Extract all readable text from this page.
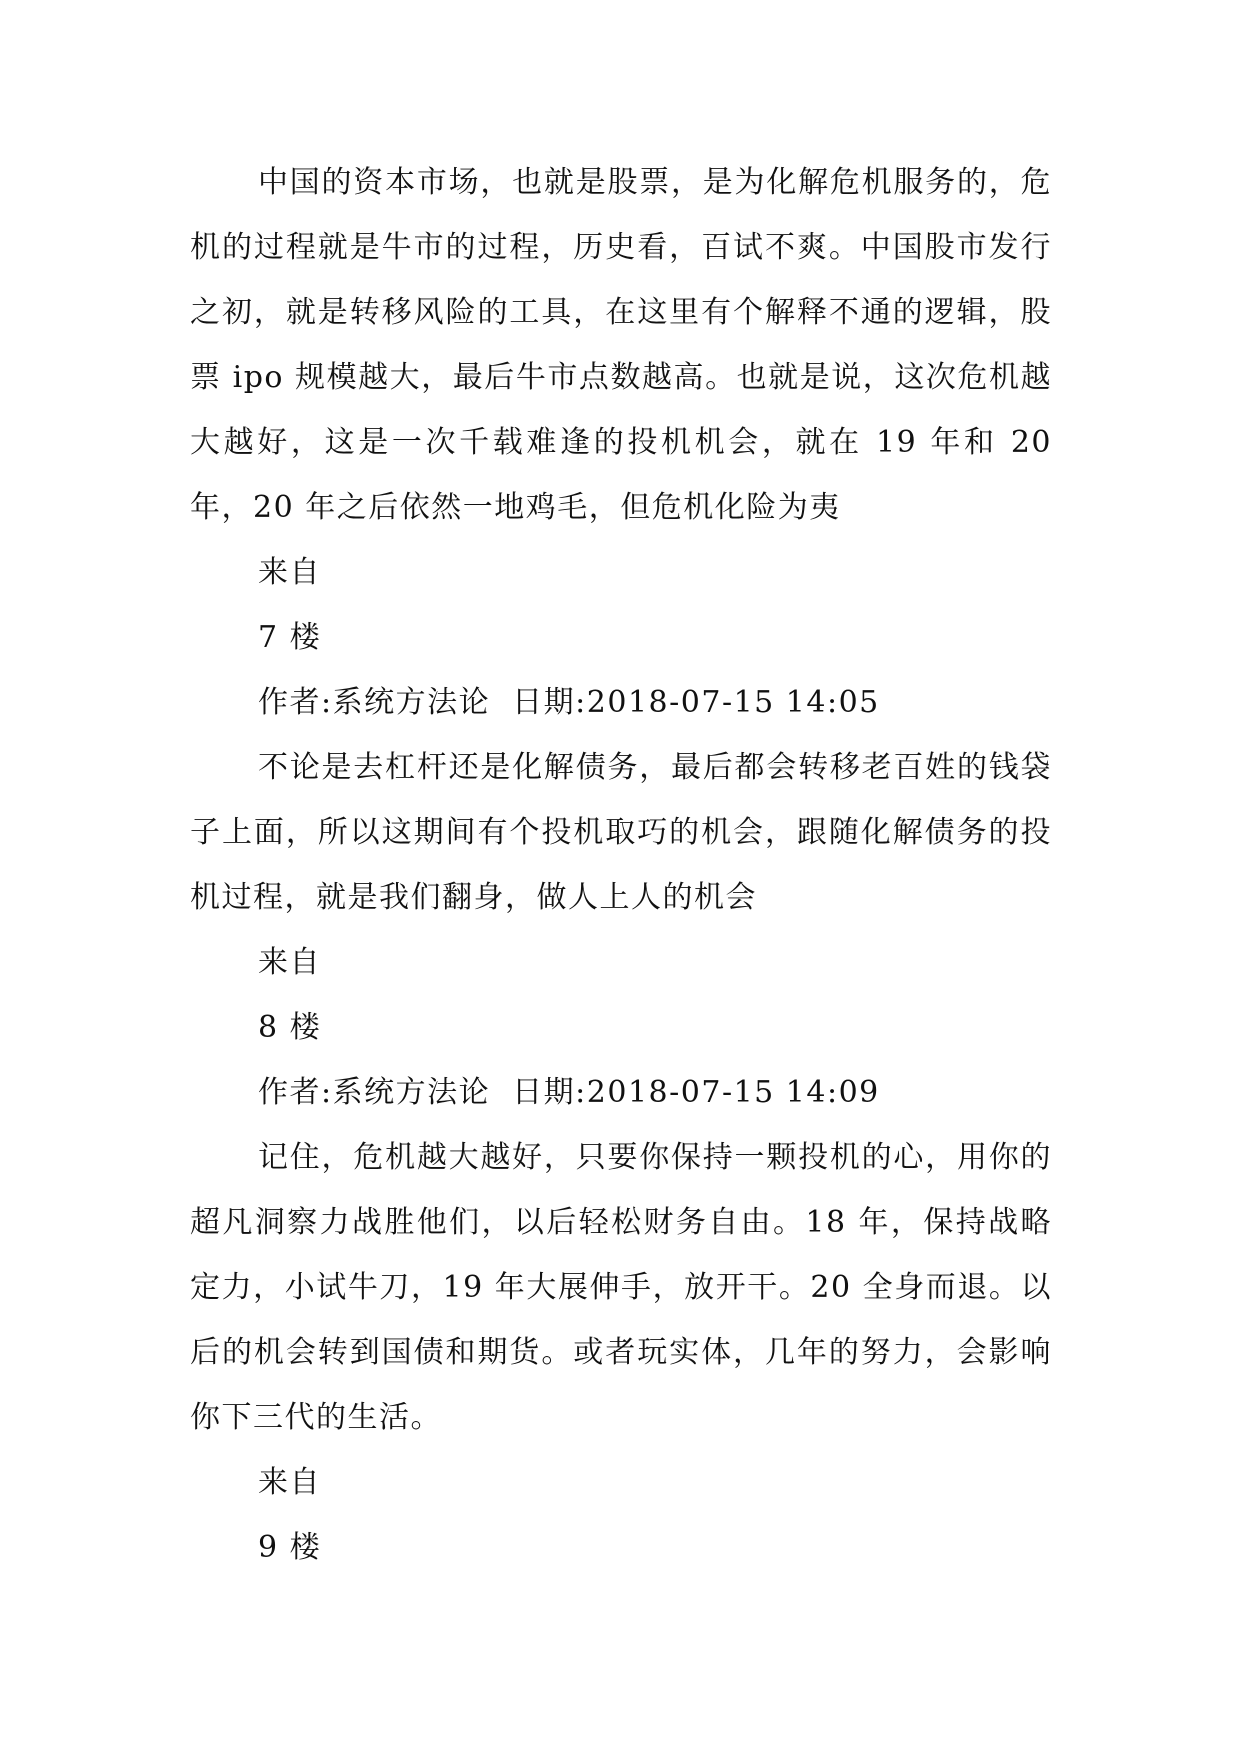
中国的资本市场，也就是股票，是为化解危机服务的，危机的过程就是牛市的过程，历史看，百试不爽。中国股市发行之初，就是转移风险的工具，在这里有个解释不通的逻辑，股票 ipo 规模越大，最后牛市点数越高。也就是说，这次危机越大越好，这是一次千载难逢的投机机会，就在 19 年和 20 年，20 年之后依然一地鸡毛，但危机化险为夷

来自

7 楼

作者:系统方法论  日期:2018-07-15 14:05

不论是去杠杆还是化解债务，最后都会转移老百姓的钱袋子上面，所以这期间有个投机取巧的机会，跟随化解债务的投机过程，就是我们翻身，做人上人的机会

来自

8 楼

作者:系统方法论  日期:2018-07-15 14:09

记住，危机越大越好，只要你保持一颗投机的心，用你的超凡洞察力战胜他们，以后轻松财务自由。18 年，保持战略定力，小试牛刀，19 年大展伸手，放开干。20 全身而退。以后的机会转到国债和期货。或者玩实体，几年的努力，会影响你下三代的生活。

来自

9 楼
